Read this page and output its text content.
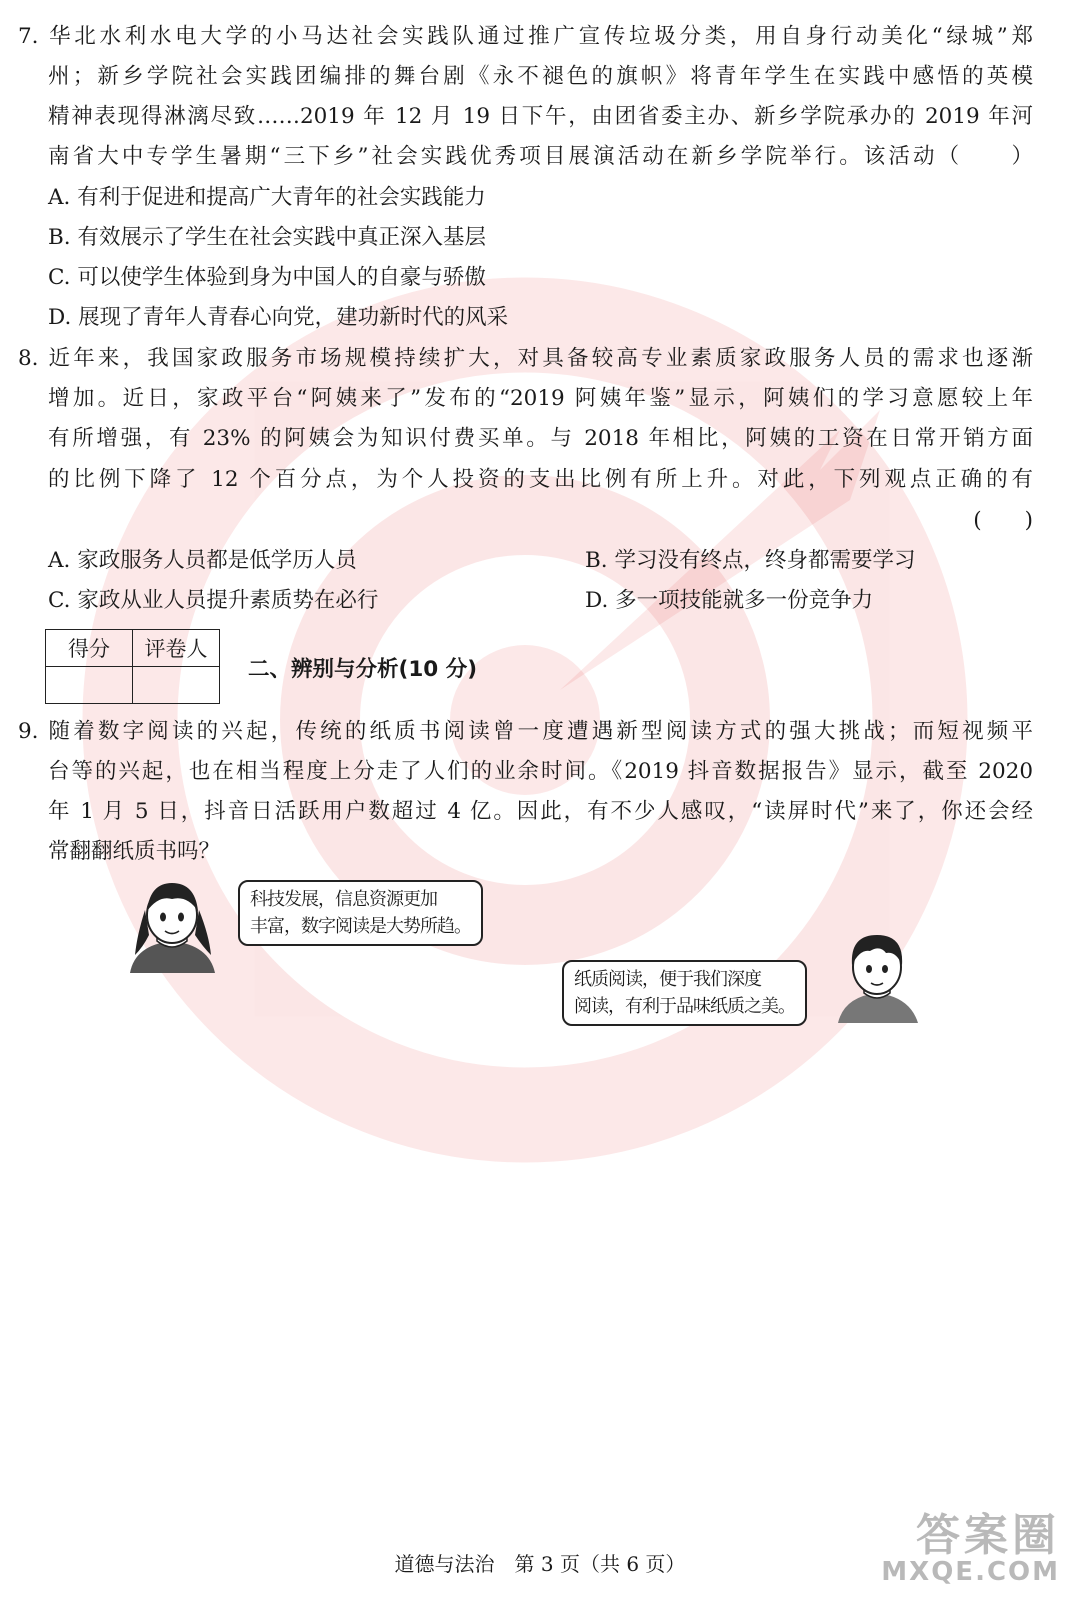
7. 华北水利水电大学的小马达社会实践队通过推广宣传垃圾分类，用自身行动美化“绿城”郑
州；新乡学院社会实践团编排的舞台剧《永不褪色的旗帜》将青年学生在实践中感悟的英模
精神表现得淋漓尽致……2019 年 12 月 19 日下午，由团省委主办、新乡学院承办的 2019 年河
南省大中专学生暑期“三下乡”社会实践优秀项目展演活动在新乡学院举行。该活动（　　）
A. 有利于促进和提高广大青年的社会实践能力
B. 有效展示了学生在社会实践中真正深入基层
C. 可以使学生体验到身为中国人的自豪与骄傲
D. 展现了青年人青春心向党，建功新时代的风采
8. 近年来，我国家政服务市场规模持续扩大，对具备较高专业素质家政服务人员的需求也逐渐
增加。近日，家政平台“阿姨来了”发布的“2019 阿姨年鉴”显示，阿姨们的学习意愿较上年
有所增强，有 23% 的阿姨会为知识付费买单。与 2018 年相比，阿姨的工资在日常开销方面
的比例下降了 12 个百分点，为个人投资的支出比例有所上升。对此，下列观点正确的有
(　　)
A. 家政服务人员都是低学历人员	B. 学习没有终点，终身都需要学习
C. 家政从业人员提升素质势在必行	D. 多一项技能就多一份竞争力
得分	评卷人

二、辨别与分析(10 分)
9. 随着数字阅读的兴起，传统的纸质书阅读曾一度遭遇新型阅读方式的强大挑战；而短视频平
台等的兴起，也在相当程度上分走了人们的业余时间。《2019 抖音数据报告》显示，截至 2020
年 1 月 5 日，抖音日活跃用户数超过 4 亿。因此，有不少人感叹，“读屏时代”来了，你还会经
常翻翻纸质书吗？
科技发展，信息资源更加
丰富，数字阅读是大势所趋。
纸质阅读，便于我们深度
阅读，有利于品味纸质之美。
道德与法治　第 3 页（共 6 页）
答案圈
MXQE.COM
